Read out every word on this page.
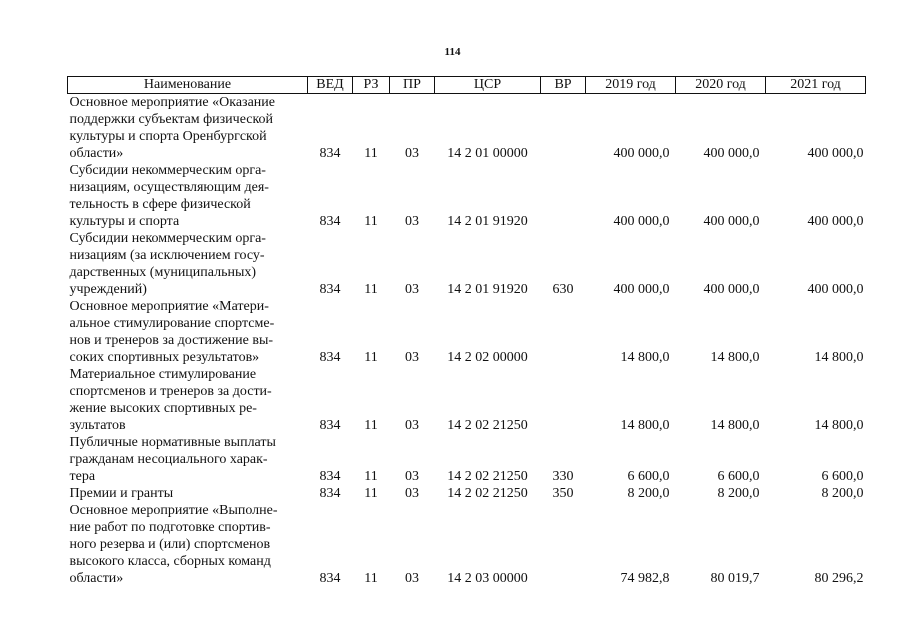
114
Наименование	ВЕД	РЗ	ПР	ЦСР	ВР	2019 год	2020 год	2021 год

Основное мероприятие «Оказание
поддержки субъектам физической
культуры и спорта Оренбургской
области»	834	11	03	14 2 01 00000		400 000,0	400 000,0	400 000,0

Субсидии некоммерческим орга-
низациям, осуществляющим дея-
тельность в сфере физической
культуры и спорта	834	11	03	14 2 01 91920		400 000,0	400 000,0	400 000,0

Субсидии некоммерческим орга-
низациям (за исключением госу-
дарственных (муниципальных)
учреждений)	834	11	03	14 2 01 91920	630	400 000,0	400 000,0	400 000,0

Основное мероприятие «Матери-
альное стимулирование спортсме-
нов и тренеров за достижение вы-
соких спортивных результатов»	834	11	03	14 2 02 00000		14 800,0	14 800,0	14 800,0

Материальное стимулирование
спортсменов и тренеров за дости-
жение высоких спортивных ре-
зультатов	834	11	03	14 2 02 21250		14 800,0	14 800,0	14 800,0

Публичные нормативные выплаты
гражданам несоциального харак-
тера	834	11	03	14 2 02 21250	330	6 600,0	6 600,0	6 600,0

Премии и гранты	834	11	03	14 2 02 21250	350	8 200,0	8 200,0	8 200,0

Основное мероприятие «Выполне-
ние работ по подготовке спортив-
ного резерва и (или) спортсменов
высокого класса, сборных команд
области»	834	11	03	14 2 03 00000		74 982,8	80 019,7	80 296,2
